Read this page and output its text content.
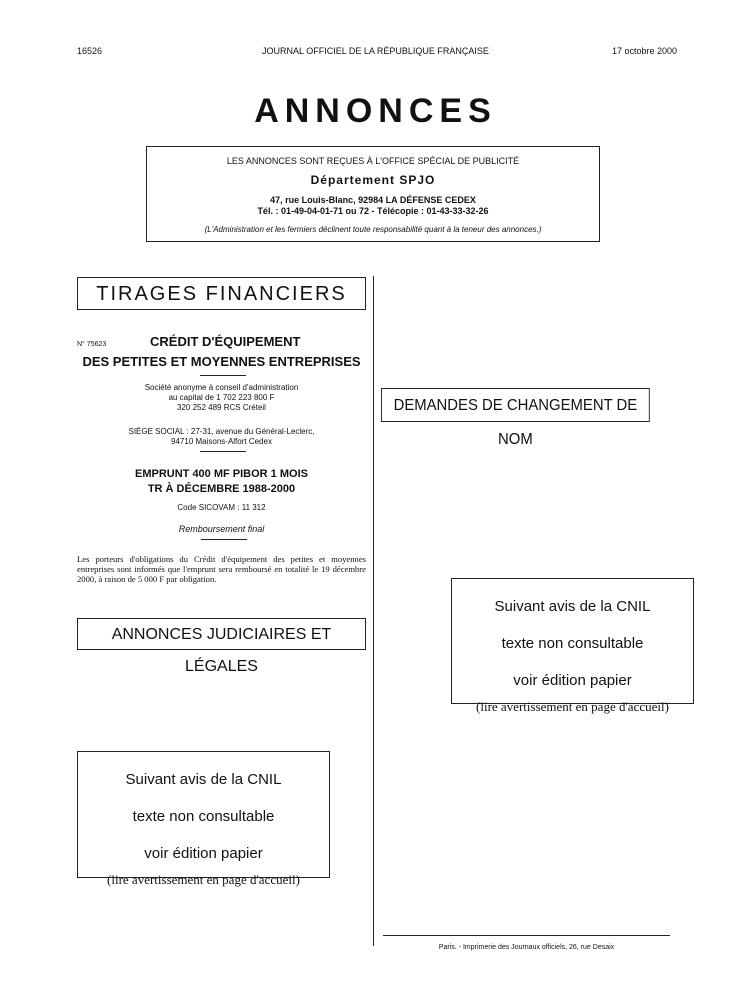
16526	JOURNAL OFFICIEL DE LA RÉPUBLIQUE FRANÇAISE	17 octobre 2000
ANNONCES
LES ANNONCES SONT REÇUES À L'OFFICE SPÉCIAL DE PUBLICITÉ
Département SPJO
47, rue Louis-Blanc, 92984 LA DÉFENSE CEDEX
Tél. : 01-49-04-01-71 ou 72 - Télécopie : 01-43-33-32-26
(L'Administration et les fermiers déclinent toute responsabilité quant à la teneur des annonces.)
TIRAGES FINANCIERS
N° 75623	CRÉDIT D'ÉQUIPEMENT
DES PETITES ET MOYENNES ENTREPRISES
Société anonyme à conseil d'administration
au capital de 1 702 223 800 F
320 252 489 RCS Créteil
SIÈGE SOCIAL : 27-31, avenue du Général-Leclerc,
94710 Maisons-Alfort Cedex
EMPRUNT 400 MF PIBOR 1 MOIS
TR À DÉCEMBRE 1988-2000
Code SICOVAM : 11 312
Remboursement final
Les porteurs d'obligations du Crédit d'équipement des petites et moyennes entreprises sont informés que l'emprunt sera remboursé en totalité le 19 décembre 2000, à raison de 5 000 F par obligation.
ANNONCES JUDICIAIRES ET LÉGALES
Suivant avis de la CNIL
texte non consultable
voir édition papier
(lire avertissement en page d'accueil)
DEMANDES DE CHANGEMENT DE NOM
Suivant avis de la CNIL
texte non consultable
voir édition papier
(lire avertissement en page d'accueil)
Paris. - Imprimerie des Journaux officiels, 26, rue Desaix
